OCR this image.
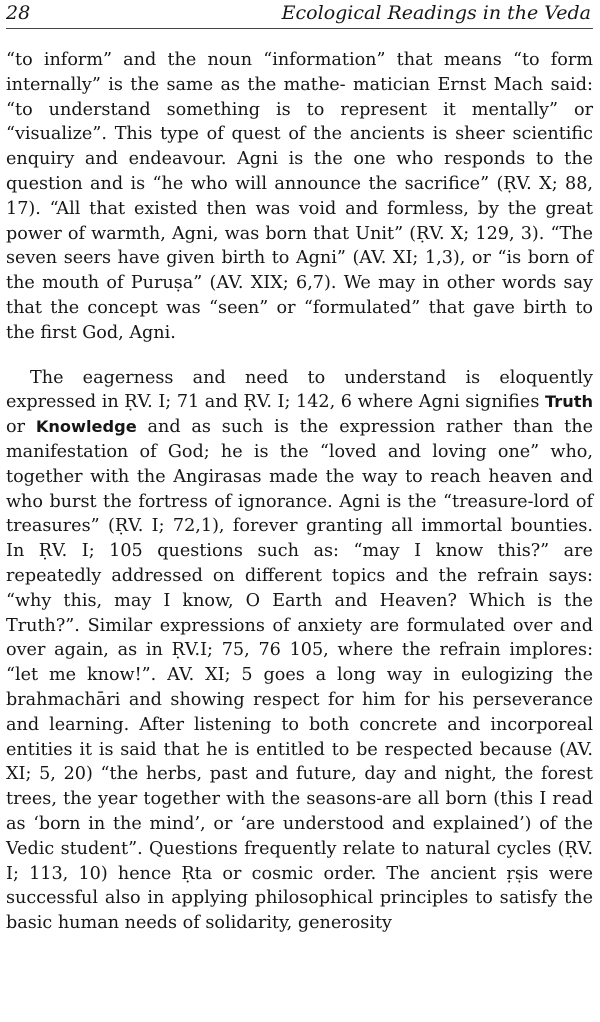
28	Ecological Readings in the Veda

“to inform” and the noun “information” that means “to form internally” is the same as the mathe- matician Ernst Mach said: “to understand something is to represent it mentally” or “visualize”. This type of quest of the ancients is sheer scientific enquiry and endeavour. Agni is the one who responds to the question and is “he who will announce the sacrifice” (ṚV. X; 88, 17). “All that existed then was void and formless, by the great power of warmth, Agni, was born that Unit” (ṚV. X; 129, 3). “The seven seers have given birth to Agni” (AV. XI; 1,3), or “is born of the mouth of Puruṣa” (AV. XIX; 6,7). We may in other words say that the concept was “seen” or “formulated” that gave birth to the first God, Agni.

The eagerness and need to understand is eloquently expressed in ṚV. I; 71 and ṚV. I; 142, 6 where Agni signifies Truth or Knowledge and as such is the expression rather than the manifestation of God; he is the “loved and loving one” who, together with the Angirasas made the way to reach heaven and who burst the fortress of ignorance. Agni is the “treasure-lord of treasures” (ṚV. I; 72,1), forever granting all immortal bounties. In ṚV. I; 105 questions such as: “may I know this?” are repeatedly addressed on different topics and the refrain says: “why this, may I know, O Earth and Heaven? Which is the Truth?”. Similar expressions of anxiety are formulated over and over again, as in ṚV.I; 75, 76 105, where the refrain implores: “let me know!”. AV. XI; 5 goes a long way in eulogizing the brahmachāri and showing respect for him for his perseverance and learning. After listening to both concrete and incorporeal entities it is said that he is entitled to be respected because (AV. XI; 5, 20) “the herbs, past and future, day and night, the forest trees, the year together with the seasons-are all born (this I read as ‘born in the mind’, or ‘are understood and explained’) of the Vedic student”. Questions frequently relate to natural cycles (ṚV. I; 113, 10) hence Ṛta or cosmic order. The ancient ṛṣis were successful also in applying philosophical principles to satisfy the basic human needs of solidarity, generosity
